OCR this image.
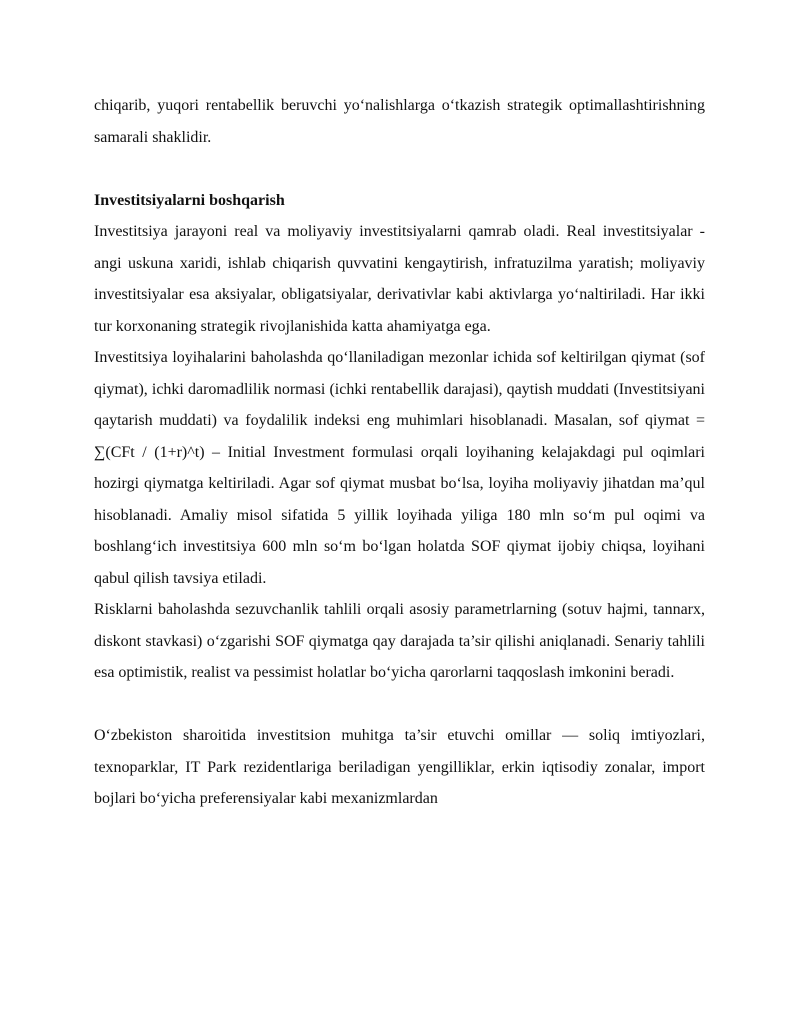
chiqarib, yuqori rentabellik beruvchi yo‘nalishlarga o‘tkazish strategik optimallashtirishning samarali shaklidir.

Investitsiyalarni boshqarish

Investitsiya jarayoni real va moliyaviy investitsiyalarni qamrab oladi. Real investitsiyalar - angi uskuna xaridi, ishlab chiqarish quvvatini kengaytirish, infratuzilma yaratish; moliyaviy investitsiyalar esa aksiyalar, obligatsiyalar, derivativlar kabi aktivlarga yo‘naltiriladi. Har ikki tur korxonaning strategik rivojlanishida katta ahamiyatga ega.

Investitsiya loyihalarini baholashda qo‘llaniladigan mezonlar ichida sof keltirilgan qiymat (sof qiymat), ichki daromadlilik normasi (ichki rentabellik darajasi), qaytish muddati (Investitsiyani qaytarish muddati) va foydalilik indeksi eng muhimlari hisoblanadi. Masalan, sof qiymat = ∑(CFt / (1+r)^t) – Initial Investment formulasi orqali loyihaning kelajakdagi pul oqimlari hozirgi qiymatga keltiriladi. Agar sof qiymat musbat bo‘lsa, loyiha moliyaviy jihatdan ma’qul hisoblanadi. Amaliy misol sifatida 5 yillik loyihada yiliga 180 mln so‘m pul oqimi va boshlang‘ich investitsiya 600 mln so‘m bo‘lgan holatda SOF qiymat ijobiy chiqsa, loyihani qabul qilish tavsiya etiladi.

Risklarni baholashda sezuvchanlik tahlili orqali asosiy parametrlarning (sotuv hajmi, tannarx, diskont stavkasi) o‘zgarishi SOF qiymatga qay darajada ta’sir qilishi aniqlanadi. Senariy tahlili esa optimistik, realist va pessimist holatlar bo‘yicha qarorlarni taqqoslash imkonini beradi.

O‘zbekiston sharoitida investitsion muhitga ta’sir etuvchi omillar — soliq imtiyozlari, texnoparklar, IT Park rezidentlariga beriladigan yengilliklar, erkin iqtisodiy zonalar, import bojlari bo‘yicha preferensiyalar kabi mexanizmlardan
